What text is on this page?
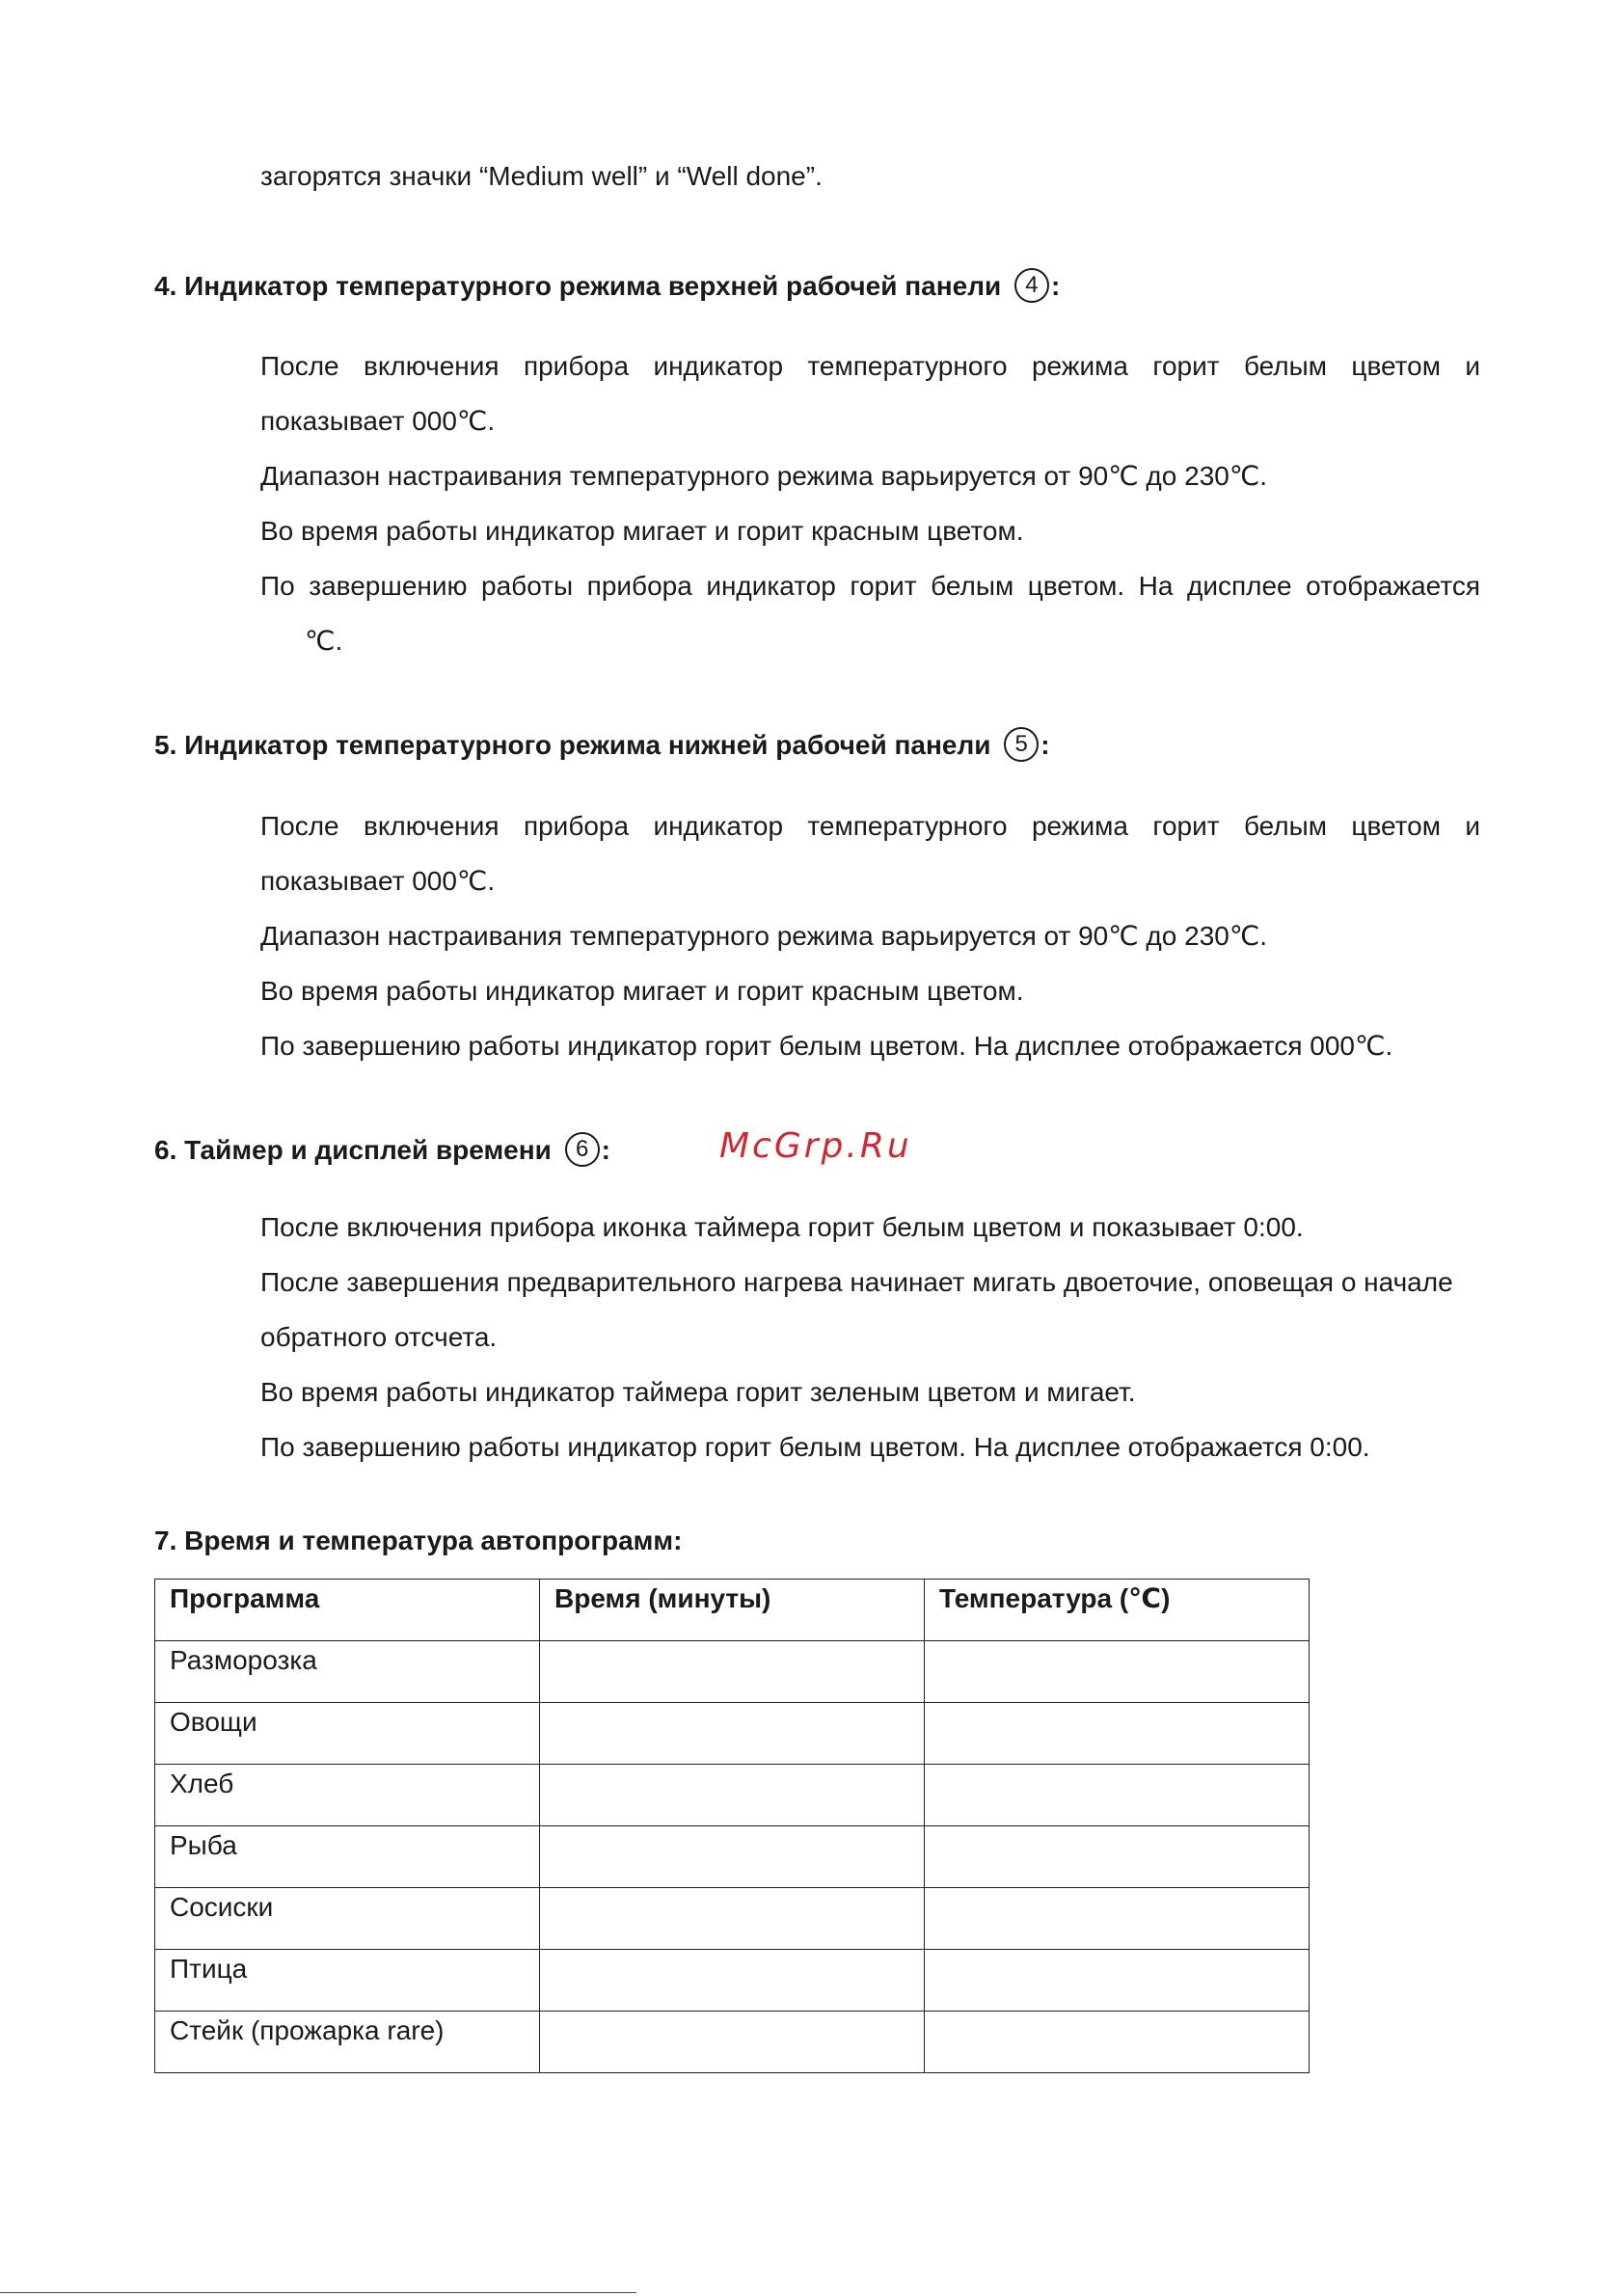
загорятся значки “Medium well” и “Well done”.
4. Индикатор температурного режима верхней рабочей панели 4 :
После включения прибора индикатор температурного режима горит белым цветом и
показывает 000℃.
Диапазон настраивания температурного режима варьируется от 90℃ до 230℃.
Во время работы индикатор мигает и горит красным цветом.
По завершению работы прибора индикатор горит белым цветом. На дисплее отображается
℃.
5. Индикатор температурного режима нижней рабочей панели 5 :
После включения прибора индикатор температурного режима горит белым цветом и
показывает 000℃.
Диапазон настраивания температурного режима варьируется от 90℃ до 230℃.
Во время работы индикатор мигает и горит красным цветом.
По завершению работы индикатор горит белым цветом. На дисплее отображается 000℃.
6. Таймер и дисплей времени 6 :	McGrp.Ru
После включения прибора иконка таймера горит белым цветом и показывает 0:00.
После завершения предварительного нагрева начинает мигать двоеточие, оповещая о начале
обратного отсчета.
Во время работы индикатор таймера горит зеленым цветом и мигает.
По завершению работы индикатор горит белым цветом. На дисплее отображается 0:00.
7. Время и температура автопрограмм:
Программа	Время (минуты)	Температура (℃)
Разморозка		
Овощи		
Хлеб		
Рыба		
Сосиски		
Птица		
Стейк (прожарка rare)		
